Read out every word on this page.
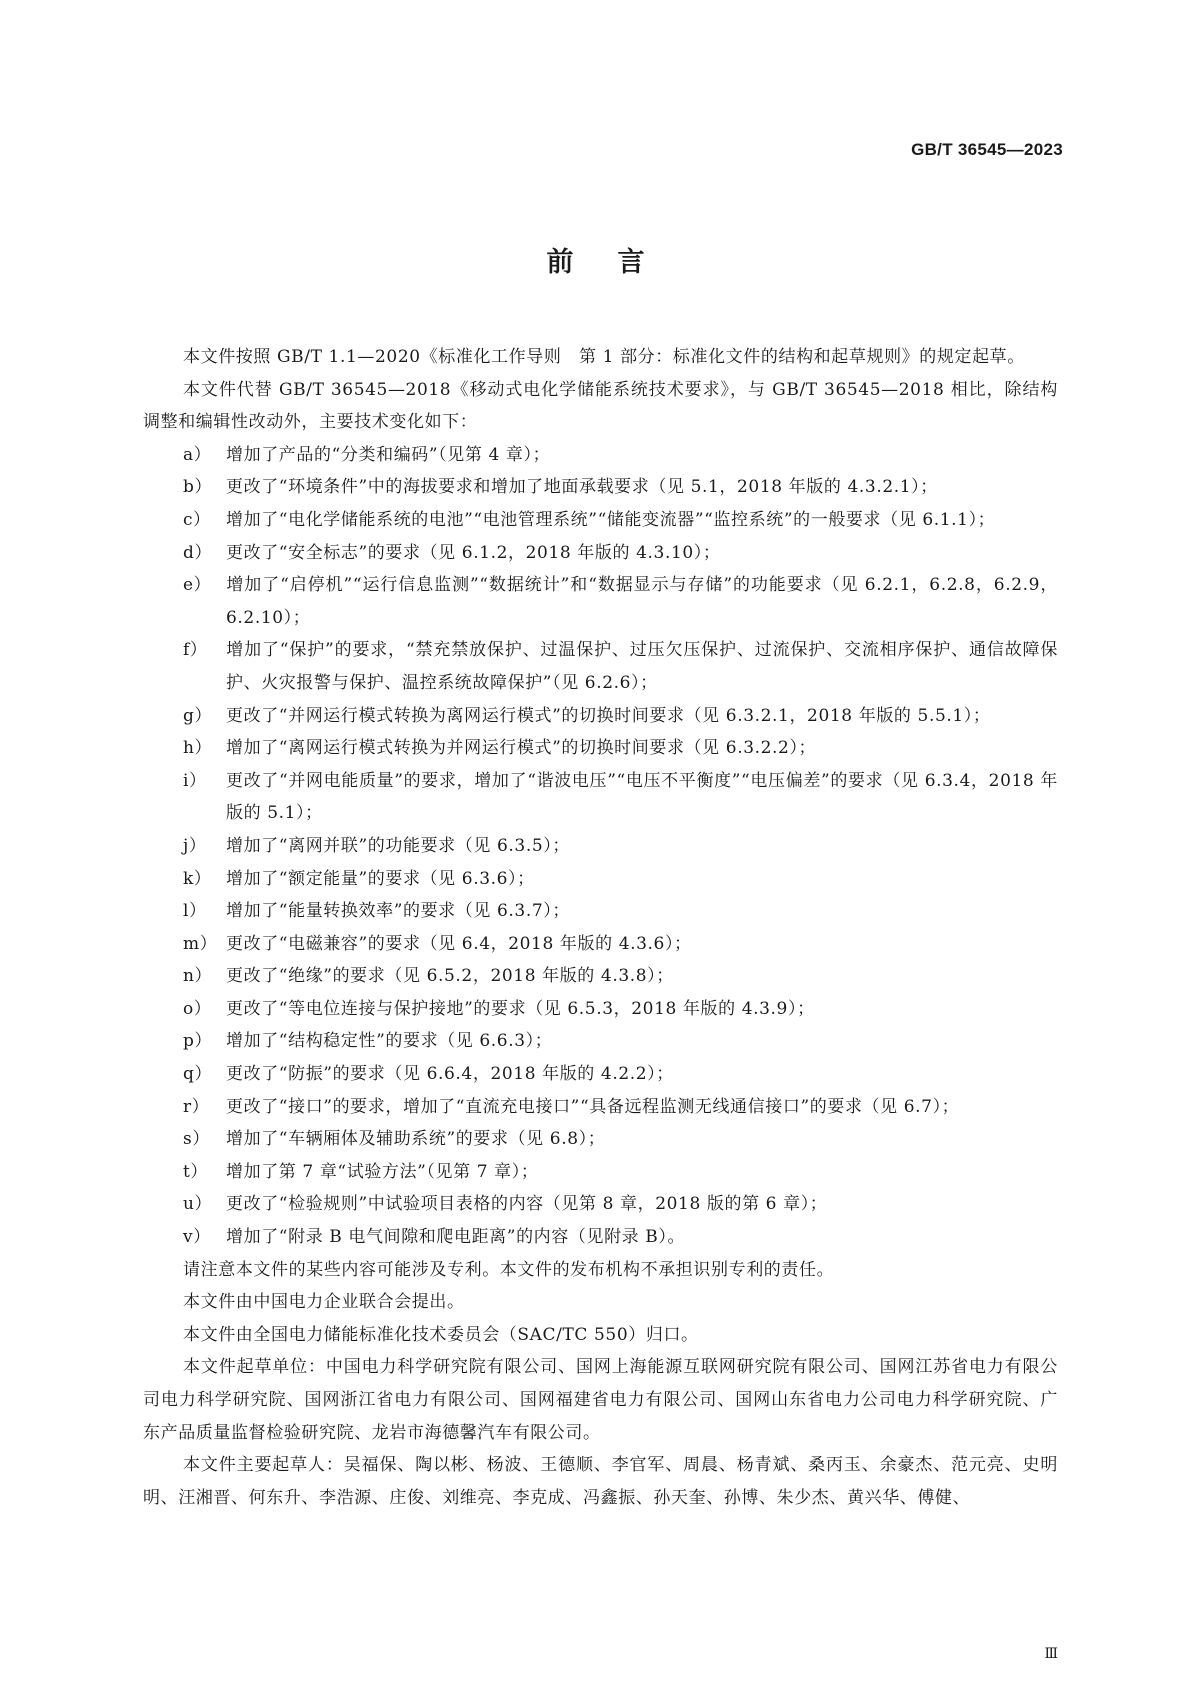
GB/T 36545—2023
前言

本文件按照 GB/T 1.1—2020《标准化工作导则　第 1 部分：标准化文件的结构和起草规则》的规定起草。

本文件代替 GB/T 36545—2018《移动式电化学储能系统技术要求》，与 GB/T 36545—2018 相比，除结构调整和编辑性改动外，主要技术变化如下：

a） 增加了产品的“分类和编码”（见第 4 章）；

b） 更改了“环境条件”中的海拔要求和增加了地面承载要求（见 5.1，2018 年版的 4.3.2.1）；

c） 增加了“电化学储能系统的电池”“电池管理系统”“储能变流器”“监控系统”的一般要求（见 6.1.1）；

d） 更改了“安全标志”的要求（见 6.1.2，2018 年版的 4.3.10）；

e） 增加了“启停机”“运行信息监测”“数据统计”和“数据显示与存储”的功能要求（见 6.2.1，6.2.8，6.2.9，6.2.10）；

f） 增加了“保护”的要求，“禁充禁放保护、过温保护、过压欠压保护、过流保护、交流相序保护、通信故障保护、火灾报警与保护、温控系统故障保护”（见 6.2.6）；

g） 更改了“并网运行模式转换为离网运行模式”的切换时间要求（见 6.3.2.1，2018 年版的 5.5.1）；

h） 增加了“离网运行模式转换为并网运行模式”的切换时间要求（见 6.3.2.2）；

i） 更改了“并网电能质量”的要求，增加了“谐波电压”“电压不平衡度”“电压偏差”的要求（见 6.3.4，2018 年版的 5.1）；

j） 增加了“离网并联”的功能要求（见 6.3.5）；

k） 增加了“额定能量”的要求（见 6.3.6）；

l） 增加了“能量转换效率”的要求（见 6.3.7）；

m） 更改了“电磁兼容”的要求（见 6.4，2018 年版的 4.3.6）；

n） 更改了“绝缘”的要求（见 6.5.2，2018 年版的 4.3.8）；

o） 更改了“等电位连接与保护接地”的要求（见 6.5.3，2018 年版的 4.3.9）；

p） 增加了“结构稳定性”的要求（见 6.6.3）；

q） 更改了“防振”的要求（见 6.6.4，2018 年版的 4.2.2）；

r） 更改了“接口”的要求，增加了“直流充电接口”“具备远程监测无线通信接口”的要求（见 6.7）；

s） 增加了“车辆厢体及辅助系统”的要求（见 6.8）；

t） 增加了第 7 章“试验方法”（见第 7 章）；

u） 更改了“检验规则”中试验项目表格的内容（见第 8 章，2018 版的第 6 章）；

v） 增加了“附录 B 电气间隙和爬电距离”的内容（见附录 B）。

请注意本文件的某些内容可能涉及专利。本文件的发布机构不承担识别专利的责任。

本文件由中国电力企业联合会提出。

本文件由全国电力储能标准化技术委员会（SAC/TC 550）归口。

本文件起草单位：中国电力科学研究院有限公司、国网上海能源互联网研究院有限公司、国网江苏省电力有限公司电力科学研究院、国网浙江省电力有限公司、国网福建省电力有限公司、国网山东省电力公司电力科学研究院、广东产品质量监督检验研究院、龙岩市海德馨汽车有限公司。

本文件主要起草人：吴福保、陶以彬、杨波、王德顺、李官军、周晨、杨青斌、桑丙玉、余豪杰、范元亮、史明明、汪湘晋、何东升、李浩源、庄俊、刘维亮、李克成、冯鑫振、孙天奎、孙博、朱少杰、黄兴华、傅健、

Ⅲ
